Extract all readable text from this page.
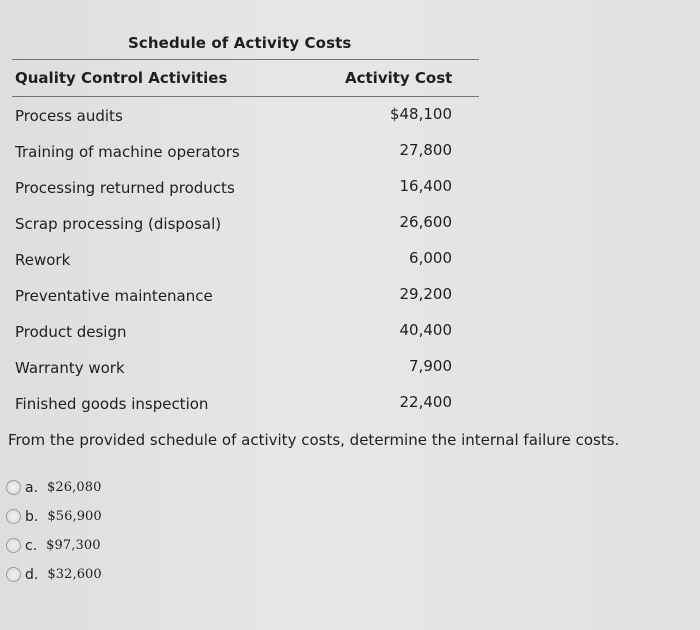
Schedule of Activity Costs
Quality Control Activities	Activity Cost
Process audits	$48,100
Training of machine operators	27,800
Processing returned products	16,400
Scrap processing (disposal)	26,600
Rework	6,000
Preventative maintenance	29,200
Product design	40,400
Warranty work	7,900
Finished goods inspection	22,400
From the provided schedule of activity costs, determine the internal failure costs.
a. $26,080
b. $56,900
c. $97,300
d. $32,600
